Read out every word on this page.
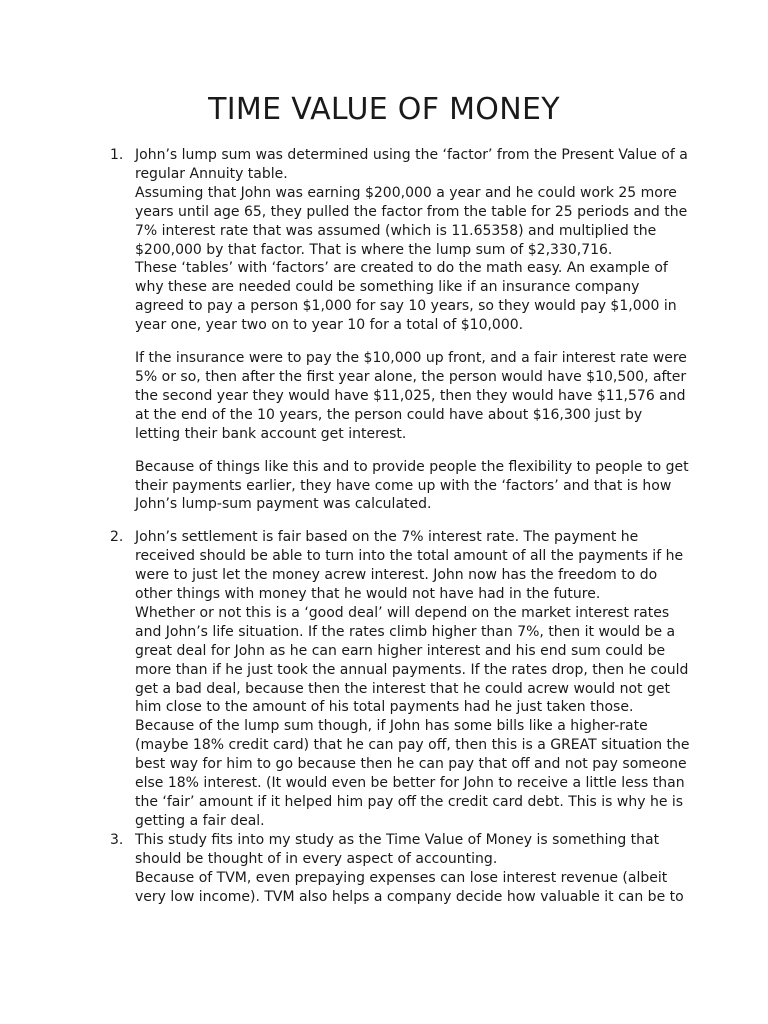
TIME VALUE OF MONEY
1. John’s lump sum was determined using the ‘factor’ from the Present Value of a regular Annuity table.

Assuming that John was earning $200,000 a year and he could work 25 more years until age 65, they pulled the factor from the table for 25 periods and the 7% interest rate that was assumed (which is 11.65358) and multiplied the $200,000 by that factor. That is where the lump sum of $2,330,716.

These ‘tables’ with ‘factors’ are created to do the math easy. An example of why these are needed could be something like if an insurance company agreed to pay a person $1,000 for say 10 years, so they would pay $1,000 in year one, year two on to year 10 for a total of $10,000.

If the insurance were to pay the $10,000 up front, and a fair interest rate were 5% or so, then after the first year alone, the person would have $10,500, after the second year they would have $11,025, then they would have $11,576 and at the end of the 10 years, the person could have about $16,300 just by letting their bank account get interest.

Because of things like this and to provide people the flexibility to people to get their payments earlier, they have come up with the ‘factors’ and that is how John’s lump-sum payment was calculated.

2. John’s settlement is fair based on the 7% interest rate. The payment he received should be able to turn into the total amount of all the payments if he were to just let the money acrew interest. John now has the freedom to do other things with money that he would not have had in the future.

Whether or not this is a ‘good deal’ will depend on the market interest rates and John’s life situation. If the rates climb higher than 7%, then it would be a great deal for John as he can earn higher interest and his end sum could be more than if he just took the annual payments. If the rates drop, then he could get a bad deal, because then the interest that he could acrew would not get him close to the amount of his total payments had he just taken those.

Because of the lump sum though, if John has some bills like a higher-rate (maybe 18% credit card) that he can pay off, then this is a GREAT situation the best way for him to go because then he can pay that off and not pay someone else 18% interest. (It would even be better for John to receive a little less than the ‘fair’ amount if it helped him pay off the credit card debt. This is why he is getting a fair deal.

3. This study fits into my study as the Time Value of Money is something that should be thought of in every aspect of accounting.

Because of TVM, even prepaying expenses can lose interest revenue (albeit very low income). TVM also helps a company decide how valuable it can be to
